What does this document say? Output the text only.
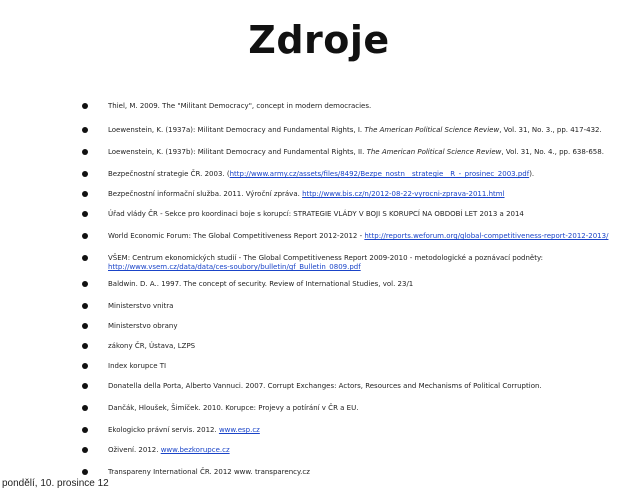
Zdroje
Thiel, M. 2009. The "Militant Democracy", concept in modern democracies.
Loewenstein, K. (1937a): Militant Democracy and Fundamental Rights, I. The American Political Science Review, Vol. 31, No. 3., pp. 417-432.
Loewenstein, K. (1937b): Militant Democracy and Fundamental Rights, II. The American Political Science Review, Vol. 31, No. 4., pp. 638-658.
Bezpečnostní strategie ČR. 2003. (http://www.army.cz/assets/files/8492/Bezpe_nostn__strategie__R_-_prosinec_2003.pdf).
Bezpečnostní informační služba. 2011. Výroční zpráva. http://www.bis.cz/n/2012-08-22-vyrocni-zprava-2011.html
Úřad vlády ČR - Sekce pro koordinaci boje s korupcí: STRATEGIE VLÁDY V BOJI S KORUPCÍ NA OBDOBÍ LET 2013 a 2014
World Economic Forum: The Global Competitiveness Report 2012-2012 - http://reports.weforum.org/global-competitiveness-report-2012-2013/
VŠEM: Centrum ekonomických studií - The Global Competitiveness Report 2009-2010 - metodologické a poznávací podněty: http://www.vsem.cz/data/data/ces-soubory/bulletin/gf_Bulletin_0809.pdf
Baldwin. D. A.. 1997. The concept of security. Review of International Studies, vol. 23/1
Ministerstvo vnitra
Ministerstvo obrany
zákony ČR, Ústava, LZPS
Index korupce TI
Donatella della Porta, Alberto Vannuci. 2007. Corrupt Exchanges: Actors, Resources and Mechanisms of Political Corruption.
Dančák, Hloušek, Šimíček. 2010. Korupce: Projevy a potírání v ČR a EU.
Ekologicko právní servis. 2012. www.esp.cz
Oživení. 2012. www.bezkorupce.cz
Transpareny International ČR. 2012 www. transparency.cz
pondělí, 10. prosince 12
